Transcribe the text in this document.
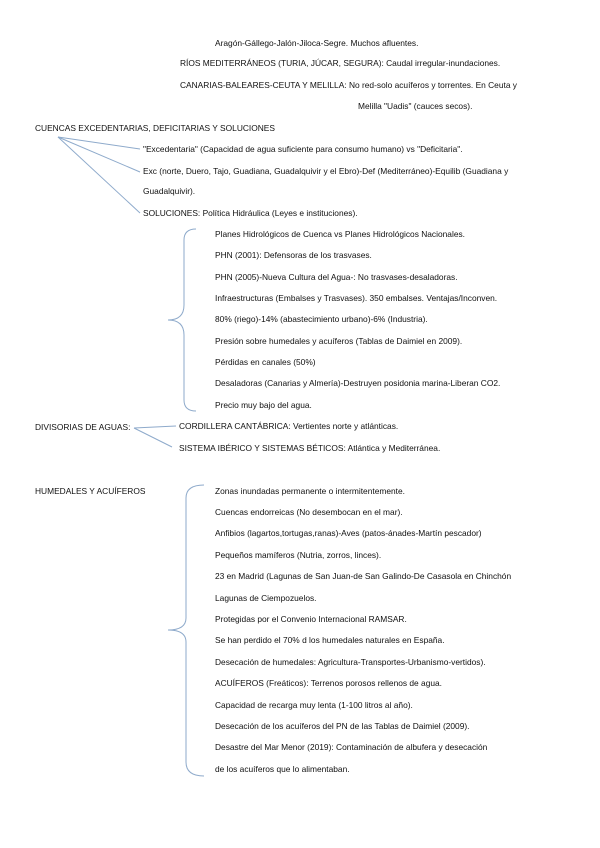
Aragón-Gállego-Jalón-Jiloca-Segre. Muchos afluentes.
RÍOS MEDITERRÁNEOS (TURIA, JÚCAR, SEGURA): Caudal irregular-inundaciones.
CANARIAS-BALEARES-CEUTA Y MELILLA: No red-solo acuíferos y torrentes. En Ceuta y
Melilla "Uadis" (cauces secos).
CUENCAS EXCEDENTARIAS, DEFICITARIAS Y SOLUCIONES
"Excedentaria" (Capacidad de agua suficiente para consumo humano) vs "Deficitaria".
Exc (norte, Duero, Tajo, Guadiana, Guadalquivir y el Ebro)-Def (Mediterráneo)-Equilib (Guadiana y
Guadalquivir).
SOLUCIONES: Política Hidráulica (Leyes e instituciones).
Planes Hidrológicos de Cuenca vs Planes Hidrológicos Nacionales.
PHN (2001): Defensoras de los trasvases.
PHN (2005)-Nueva Cultura del Agua-: No trasvases-desaladoras.
Infraestructuras (Embalses y Trasvases). 350 embalses. Ventajas/Inconven.
80% (riego)-14% (abastecimiento urbano)-6% (Industria).
Presión sobre humedales y acuíferos (Tablas de Daimiel en 2009).
Pérdidas en canales (50%)
Desaladoras (Canarias y Almería)-Destruyen posidonia marina-Liberan CO2.
Precio muy bajo del agua.
DIVISORIAS DE AGUAS:	CORDILLERA CANTÁBRICA: Vertientes norte y atlánticas.
SISTEMA IBÉRICO Y SISTEMAS BÉTICOS: Atlántica y Mediterránea.
HUMEDALES Y ACUÍFEROS	Zonas inundadas permanente o intermitentemente.
Cuencas endorreicas (No desembocan en el mar).
Anfibios (lagartos,tortugas,ranas)-Aves (patos-ánades-Martín pescador)
Pequeños mamíferos (Nutria, zorros, linces).
23 en Madrid (Lagunas de San Juan-de San Galindo-De Casasola en Chinchón
Lagunas de Ciempozuelos.
Protegidas por el Convenio Internacional RAMSAR.
Se han perdido el 70% d los humedales naturales en España.
Desecación de humedales: Agricultura-Transportes-Urbanismo-vertidos).
ACUÍFEROS (Freáticos): Terrenos porosos rellenos de agua.
Capacidad de recarga muy lenta (1-100 litros al año).
Desecación de los acuíferos del PN de las Tablas de Daimiel (2009).
Desastre del Mar Menor (2019): Contaminación de albufera y desecación
de los acuíferos que lo alimentaban.
